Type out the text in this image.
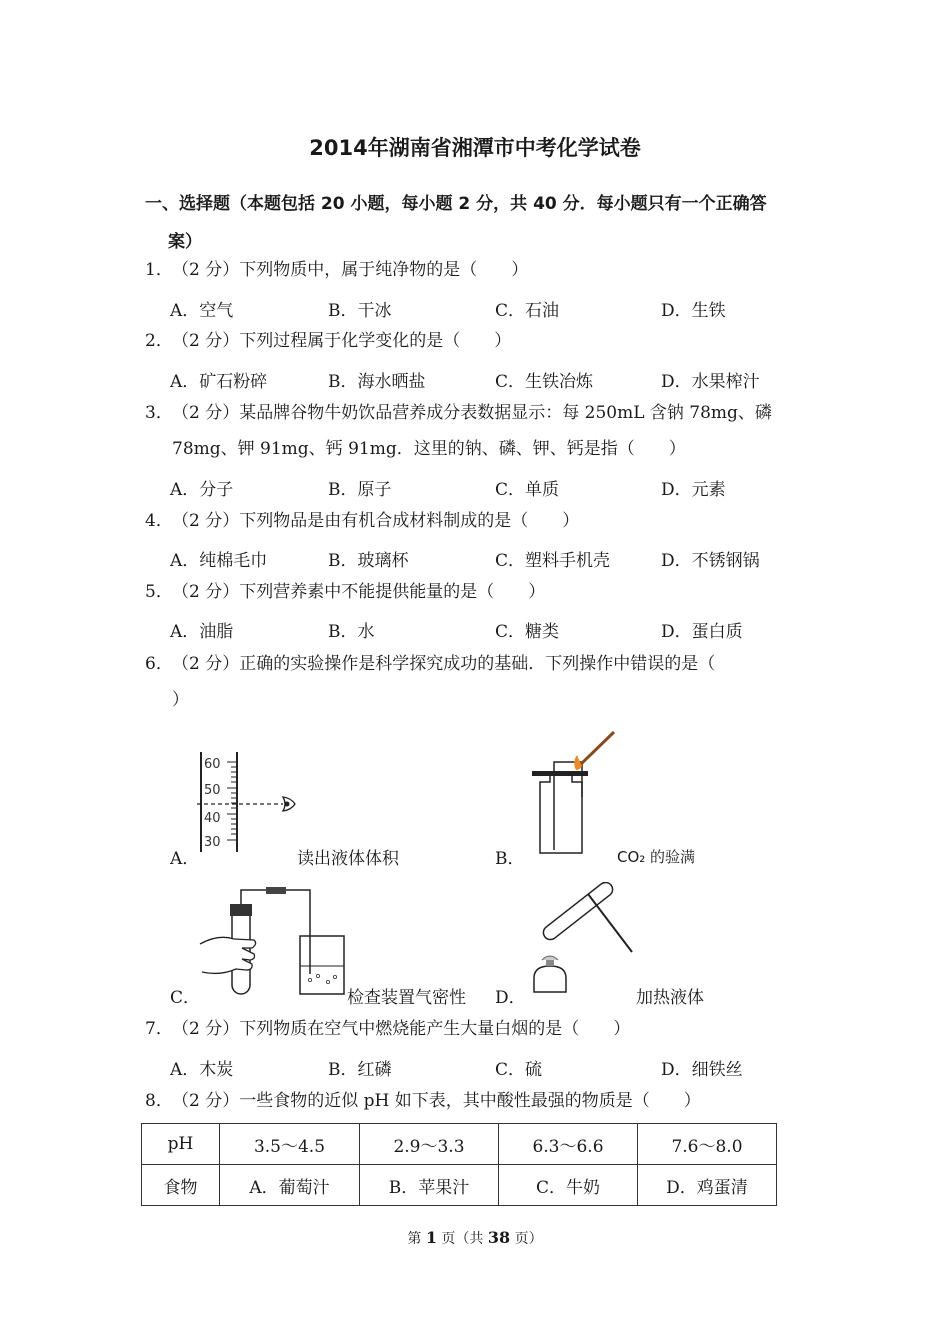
2014年湖南省湘潭市中考化学试卷
一、选择题（本题包括 20 小题，每小题 2 分，共 40 分．每小题只有一个正确答
案）
1．（2 分）下列物质中，属于纯净物的是（　　）
A．空气	B．干冰	C．石油	D．生铁
2．（2 分）下列过程属于化学变化的是（　　）
A．矿石粉碎	B．海水晒盐	C．生铁冶炼	D．水果榨汁
3．（2 分）某品牌谷物牛奶饮品营养成分表数据显示：每 250mL 含钠 78mg、磷
78mg、钾 91mg、钙 91mg．这里的钠、磷、钾、钙是指（　　）
A．分子	B．原子	C．单质	D．元素
4．（2 分）下列物品是由有机合成材料制成的是（　　）
A．纯棉毛巾	B．玻璃杯	C．塑料手机壳	D．不锈钢锅
5．（2 分）下列营养素中不能提供能量的是（　　）
A．油脂	B．水	C．糖类	D．蛋白质
6．（2 分）正确的实验操作是科学探究成功的基础．下列操作中错误的是（
）
60
50
40
30
A．	读出液体体积	B．	CO₂ 的验满
C．	检查装置气密性 D．	加热液体
7．（2 分）下列物质在空气中燃烧能产生大量白烟的是（　　）
A．木炭	B．红磷	C．硫	D．细铁丝
8．（2 分）一些食物的近似 pH 如下表，其中酸性最强的物质是（　　）
pH	3.5～4.5	2.9～3.3	6.3～6.6	7.6～8.0
食物	A．葡萄汁	B．苹果汁	C．牛奶	D．鸡蛋清
第 1 页（共 38 页）
